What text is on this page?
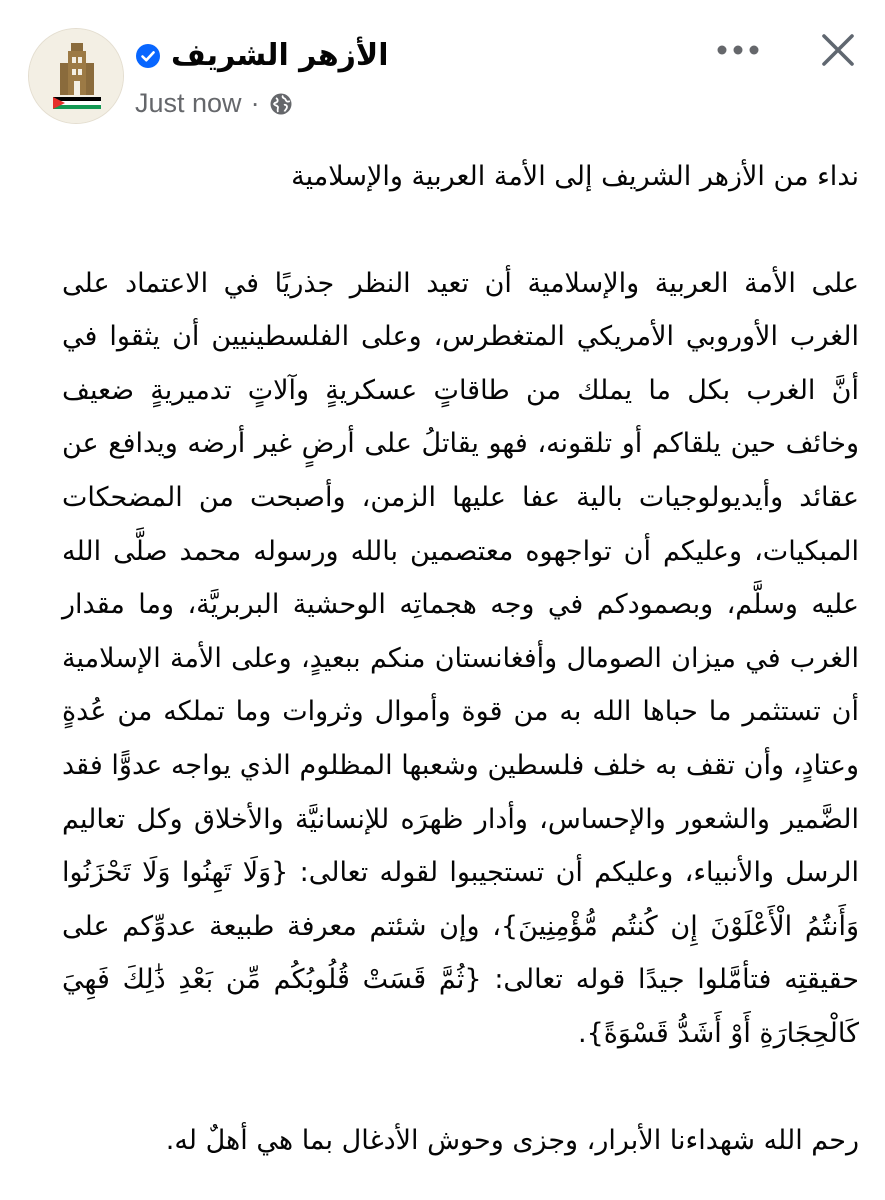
الأزهر الشريف
Just now ·

نداء من الأزهر الشريف إلى الأمة العربية والإسلامية

على الأمة العربية والإسلامية أن تعيد النظر جذريًا في الاعتماد على الغرب الأوروبي الأمريكي المتغطرس، وعلى الفلسطينيين أن يثقوا في أنَّ الغرب بكل ما يملك من طاقاتٍ عسكريةٍ وآلاتٍ تدميريةٍ ضعيف وخائف حين يلقاكم أو تلقونه، فهو يقاتلُ على أرضٍ غير أرضه ويدافع عن عقائد وأيديولوجيات بالية عفا عليها الزمن، وأصبحت من المضحكات المبكيات، وعليكم أن تواجهوه معتصمين بالله ورسوله محمد صلَّى الله عليه وسلَّم، وبصمودكم في وجه هجماتِه الوحشية البربريَّة، وما مقدار الغرب في ميزان الصومال وأفغانستان منكم ببعيدٍ، وعلى الأمة الإسلامية أن تستثمر ما حباها الله به من قوة وأموال وثروات وما تملكه من عُدةٍ وعتادٍ، وأن تقف به خلف فلسطين وشعبها المظلوم الذي يواجه عدوًّا فقد الضَّمير والشعور والإحساس، وأدار ظهرَه للإنسانيَّة والأخلاق وكل تعاليم الرسل والأنبياء، وعليكم أن تستجيبوا لقوله تعالى: {وَلَا تَهِنُوا وَلَا تَحْزَنُوا وَأَنتُمُ الْأَعْلَوْنَ إِن كُنتُم مُّؤْمِنِينَ}، وإن شئتم معرفة طبيعة عدوِّكم على حقيقتِه فتأمَّلوا جيدًا قوله تعالى: {ثُمَّ قَسَتْ قُلُوبُكُم مِّن بَعْدِ ذَٰلِكَ فَهِيَ كَالْحِجَارَةِ أَوْ أَشَدُّ قَسْوَةً}.

رحم الله شهداءنا الأبرار، وجزى وحوش الأدغال بما هي أهلٌ له.
